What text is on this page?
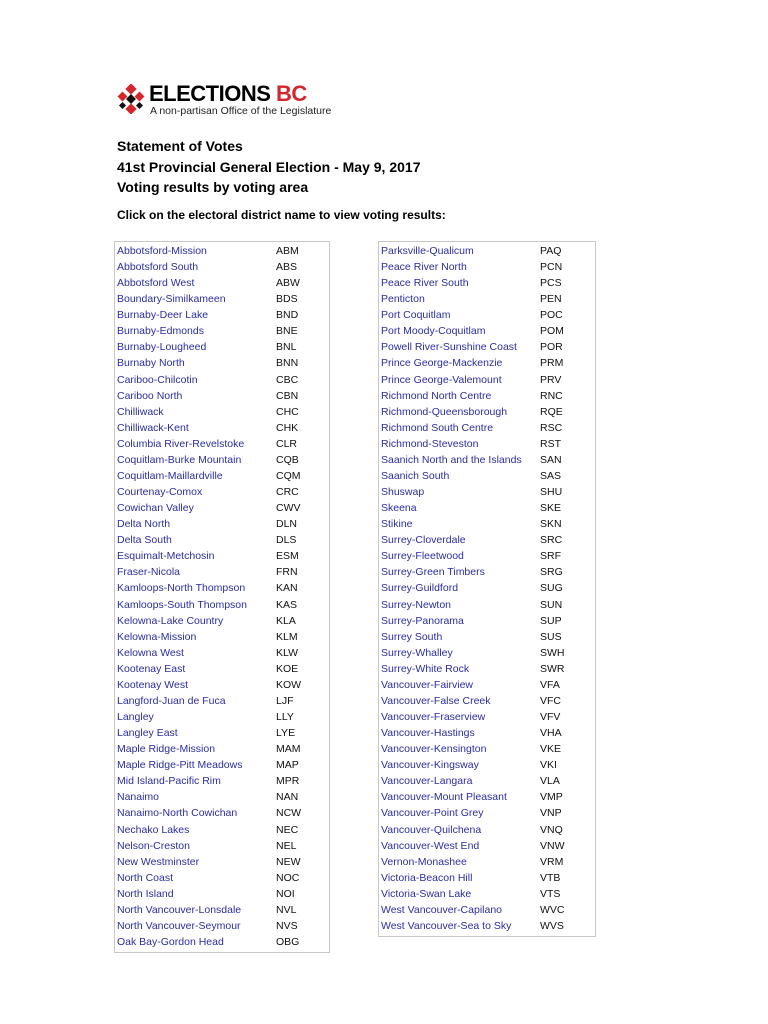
ELECTIONS BC
A non-partisan Office of the Legislature
Statement of Votes
41st Provincial General Election - May 9, 2017
Voting results by voting area
Click on the electoral district name to view voting results:
Abbotsford-Mission	ABM
Abbotsford South	ABS
Abbotsford West	ABW
Boundary-Similkameen	BDS
Burnaby-Deer Lake	BND
Burnaby-Edmonds	BNE
Burnaby-Lougheed	BNL
Burnaby North	BNN
Cariboo-Chilcotin	CBC
Cariboo North	CBN
Chilliwack	CHC
Chilliwack-Kent	CHK
Columbia River-Revelstoke	CLR
Coquitlam-Burke Mountain	CQB
Coquitlam-Maillardville	CQM
Courtenay-Comox	CRC
Cowichan Valley	CWV
Delta North	DLN
Delta South	DLS
Esquimalt-Metchosin	ESM
Fraser-Nicola	FRN
Kamloops-North Thompson	KAN
Kamloops-South Thompson	KAS
Kelowna-Lake Country	KLA
Kelowna-Mission	KLM
Kelowna West	KLW
Kootenay East	KOE
Kootenay West	KOW
Langford-Juan de Fuca	LJF
Langley	LLY
Langley East	LYE
Maple Ridge-Mission	MAM
Maple Ridge-Pitt Meadows	MAP
Mid Island-Pacific Rim	MPR
Nanaimo	NAN
Nanaimo-North Cowichan	NCW
Nechako Lakes	NEC
Nelson-Creston	NEL
New Westminster	NEW
North Coast	NOC
North Island	NOI
North Vancouver-Lonsdale	NVL
North Vancouver-Seymour	NVS
Oak Bay-Gordon Head	OBG
Parksville-Qualicum	PAQ
Peace River North	PCN
Peace River South	PCS
Penticton	PEN
Port Coquitlam	POC
Port Moody-Coquitlam	POM
Powell River-Sunshine Coast POR
Prince George-Mackenzie	PRM
Prince George-Valemount	PRV
Richmond North Centre	RNC
Richmond-Queensborough	RQE
Richmond South Centre	RSC
Richmond-Steveston	RST
Saanich North and the Islands SAN
Saanich South	SAS
Shuswap	SHU
Skeena	SKE
Stikine	SKN
Surrey-Cloverdale	SRC
Surrey-Fleetwood	SRF
Surrey-Green Timbers	SRG
Surrey-Guildford	SUG
Surrey-Newton	SUN
Surrey-Panorama	SUP
Surrey South	SUS
Surrey-Whalley	SWH
Surrey-White Rock	SWR
Vancouver-Fairview	VFA
Vancouver-False Creek	VFC
Vancouver-Fraserview	VFV
Vancouver-Hastings	VHA
Vancouver-Kensington	VKE
Vancouver-Kingsway	VKI
Vancouver-Langara	VLA
Vancouver-Mount Pleasant	VMP
Vancouver-Point Grey	VNP
Vancouver-Quilchena	VNQ
Vancouver-West End	VNW
Vernon-Monashee	VRM
Victoria-Beacon Hill	VTB
Victoria-Swan Lake	VTS
West Vancouver-Capilano	WVC
West Vancouver-Sea to Sky	WVS
